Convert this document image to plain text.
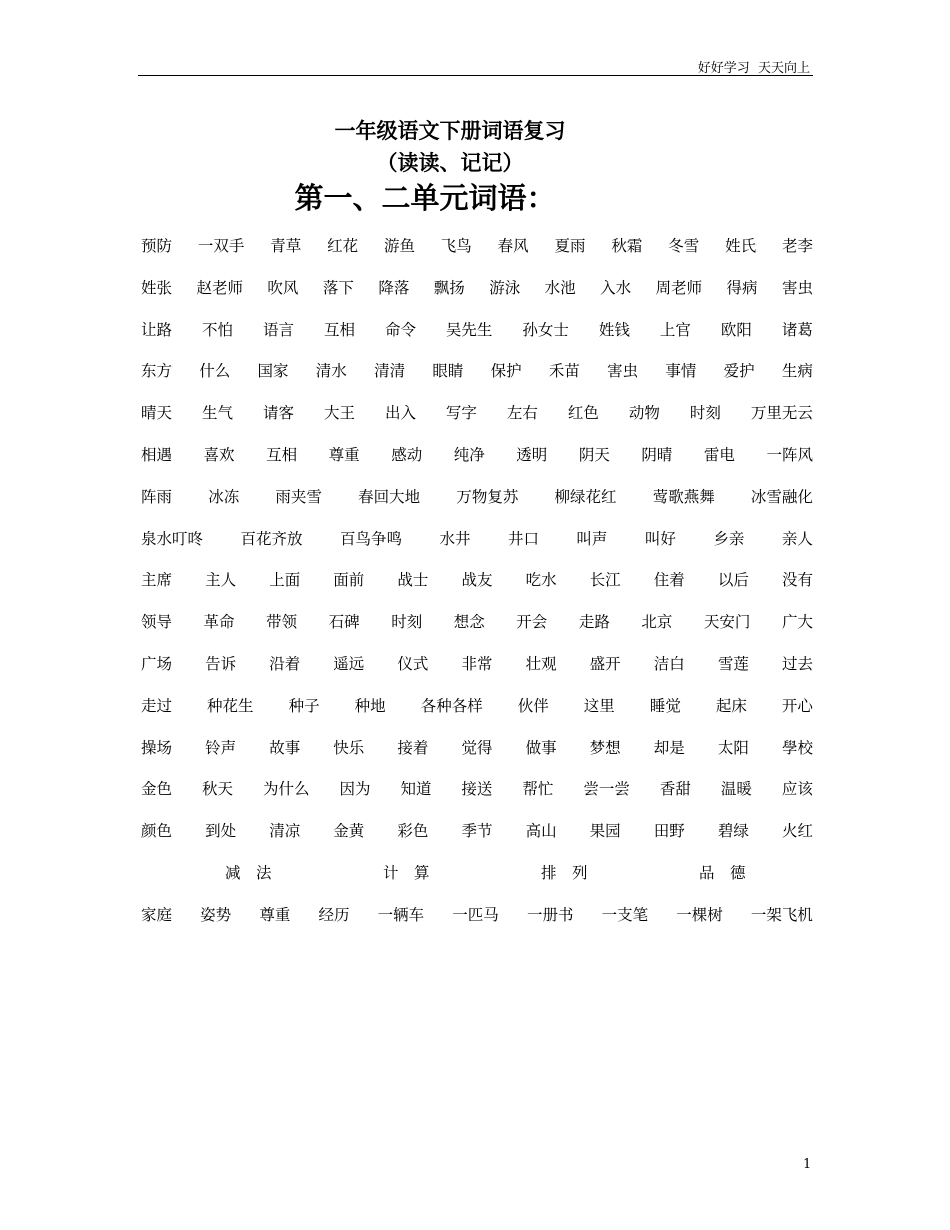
好好学习  天天向上
一年级语文下册词语复习
（读读、记记）
第一、二单元词语：
预防 一双手 青草 红花 游鱼 飞鸟 春风 夏雨 秋霜 冬雪 姓氏 老李
姓张 赵老师 吹风 落下 降落 飘扬 游泳 水池 入水 周老师 得病 害虫
让路 不怕 语言 互相 命令 吴先生 孙女士 姓钱 上官 欧阳 诸葛
东方 什么 国家 清水 清清 眼睛 保护 禾苗 害虫 事情 爱护 生病
晴天 生气 请客 大王 出入 写字 左右 红色 动物 时刻 万里无云
相遇 喜欢 互相 尊重 感动 纯净 透明 阴天 阴晴 雷电 一阵风
阵雨 冰冻 雨夹雪 春回大地 万物复苏 柳绿花红 莺歌燕舞 冰雪融化
泉水叮咚 百花齐放 百鸟争鸣 水井 井口 叫声 叫好 乡亲 亲人
主席 主人 上面 面前 战士 战友 吃水 长江 住着 以后 没有
领导 革命 带领 石碑 时刻 想念 开会 走路 北京 天安门 广大
广场 告诉 沿着 遥远 仪式 非常 壮观 盛开 洁白 雪莲 过去
走过 种花生 种子 种地 各种各样 伙伴 这里 睡觉 起床 开心
操场 铃声 故事 快乐 接着 觉得 做事 梦想 却是 太阳 學校
金色 秋天 为什么 因为 知道 接送 帮忙 尝一尝 香甜 温暖 应该
颜色 到处 清凉 金黄 彩色 季节 高山 果园 田野 碧绿 火红
减　法	计　算	排　列	品　德
家庭 姿势 尊重 经历 一辆车 一匹马 一册书 一支笔 一棵树 一架飞机
1
